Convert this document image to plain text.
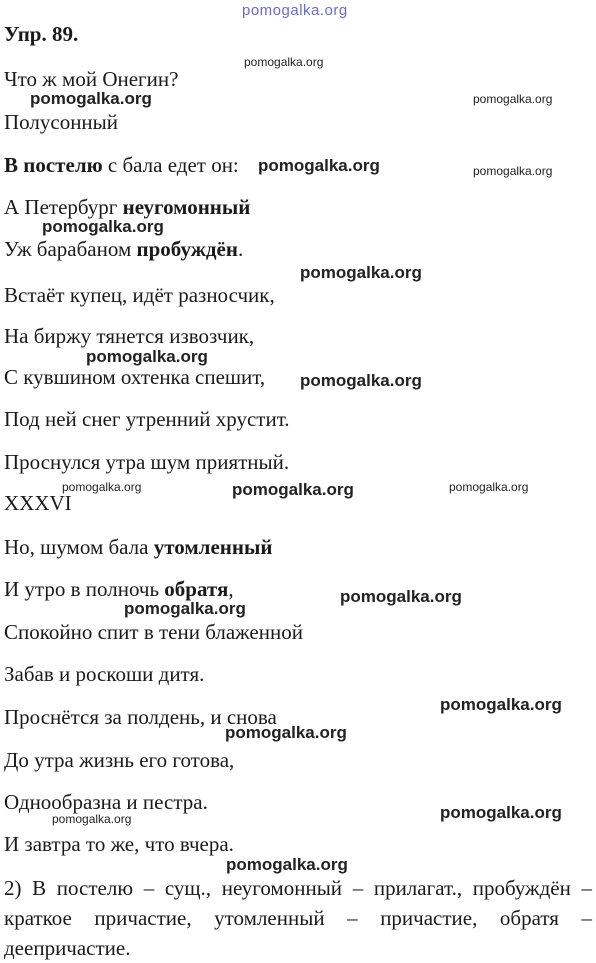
pomogalka.org

Упр. 89.

Что ж мой Онегин?

Полусонный

В постелю с бала едет он:

А Петербург неугомонный

Уж барабаном пробуждён.

Встаёт купец, идёт разносчик,

На биржу тянется извозчик,

С кувшином охтенка спешит,

Под ней снег утренний хрустит.

Проснулся утра шум приятный.

XXXVI

Но, шумом бала утомленный

И утро в полночь обратя,

Спокойно спит в тени блаженной

Забав и роскоши дитя.

Проснётся за полдень, и снова

До утра жизнь его готова,

Однообразна и пестра.

И завтра то же, что вчера.

2) В постелю – сущ., неугомонный – прилагат., пробуждён – краткое причастие, утомленный – причастие, обратя – деепричастие.

pomogalka.org

pomogalka.org	pomogalka.org

pomogalka.org	pomogalka.org

pomogalka.org

pomogalka.org

pomogalka.org

pomogalka.org

pomogalka.org	pomogalka.org	pomogalka.org

pomogalka.org

pomogalka.org

pomogalka.org

pomogalka.org

pomogalka.org

pomogalka.org

pomogalka.org
